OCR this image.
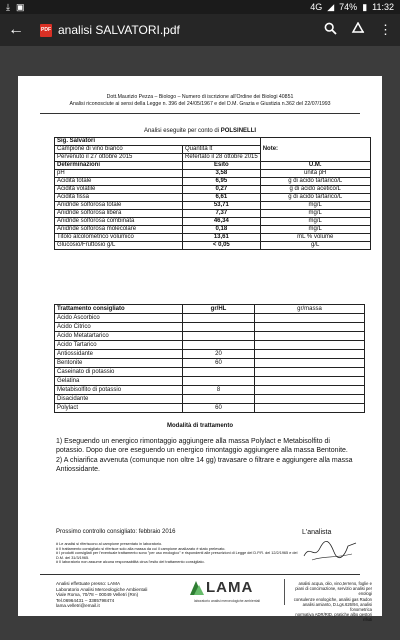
⤓ ▣	4G ◢ 74% ▮ 11:32
←	PDF analisi SALVATORI.pdf	⋮
Dott.Maurizio Pezza – Biologo – Numero di iscrizione all'Ordine dei Biologi 40851
Analisi riconosciute ai sensi della Legge n. 396 del 24/05/1967 e del D.M. Grazia e Giustizia n.362 del 22/07/1993
Analisi eseguite per conto di POLSINELLI
Sig. Salvatori		Note:
Campione di vino bianco	Quantità lt	
Pervenuto il 27 ottobre 2015	Refertato il 28 ottobre 2015	
Determinazioni	Esito	U.M.
pH	3,58	unità pH
Acidità totale	6,95	g di acido tartarico/L
Acidità volatile	0,27	g di acido acetico/L
Acidità fissa	6,61	g di acido tartarico/L
Anidride solforosa totale	53,71	mg/L
Anidride solforosa libera	7,37	mg/L
Anidride solforosa combinata	46,34	mg/L
Anidride solforosa molecolare	0,18	mg/L
Titolo alcolometrico volumico	13,61	mL % volume
Glucosio/Fruttosio g/L	< 0,05	g/L
Trattamento consigliato	gr/HL	gr/massa
Acido Ascorbico		
Acido Citrico		
Acido Metatartarico		
Acido Tartarico		
Antiossidante	20	
Bentonite	60	
Caseinato di potassio		
Gelatina		
Metabisolfito di potassio	8	
Disacidante		
Polylact	60	
Modalità di trattamento

1) Eseguendo un energico rimontaggio aggiungere alla massa Polylact e Metabisolfito di potassio. Dopo due ore eseguendo un energico rimontaggio aggiungere alla massa Bentonite.

2) A chiarifica avvenuta (comunque non oltre 14 gg) travasare o filtrare e aggiungere alla massa Antiossidante.

Prossimo controllo consigliato: febbraio 2016	L'analista
# Le analisi si riferiscono al campione presentato in laboratorio.
# Il trattamento consigliato si riferisce solo alla massa da cui il campione analizzato è stato prelevato.
# I prodotti consigliati per l'eventuale trattamento sono "per uso enologico" e rispondenti alle prescrizioni di Legge del D.P.R. del 12/2/1965 e del D.M. del 31/3/1965.
# Il laboratorio non assume alcuna responsabilità circa l'esito del trattamento consigliato.
Analisi effettuate presso: LAMA
Laboratorio Analisi Merceologiche Ambientali
Viale Roma, 70/78 – 00049 Velletri (Rm)
Tel.06964431 – 3385798474
lama.velletri@email.it
LAMA
laboratorio analisi merceologiche ambientali
analisi acqua, olio, vino,terreno, foglie e
piani di concimazione, servizio analisi per enologi
consulenze enologiche, analisi gas Radon
analisi amianto, D.Lgs.626/94, analisi fonometrica
normativa ADR/RID, pratiche albo gestori rifiuti
